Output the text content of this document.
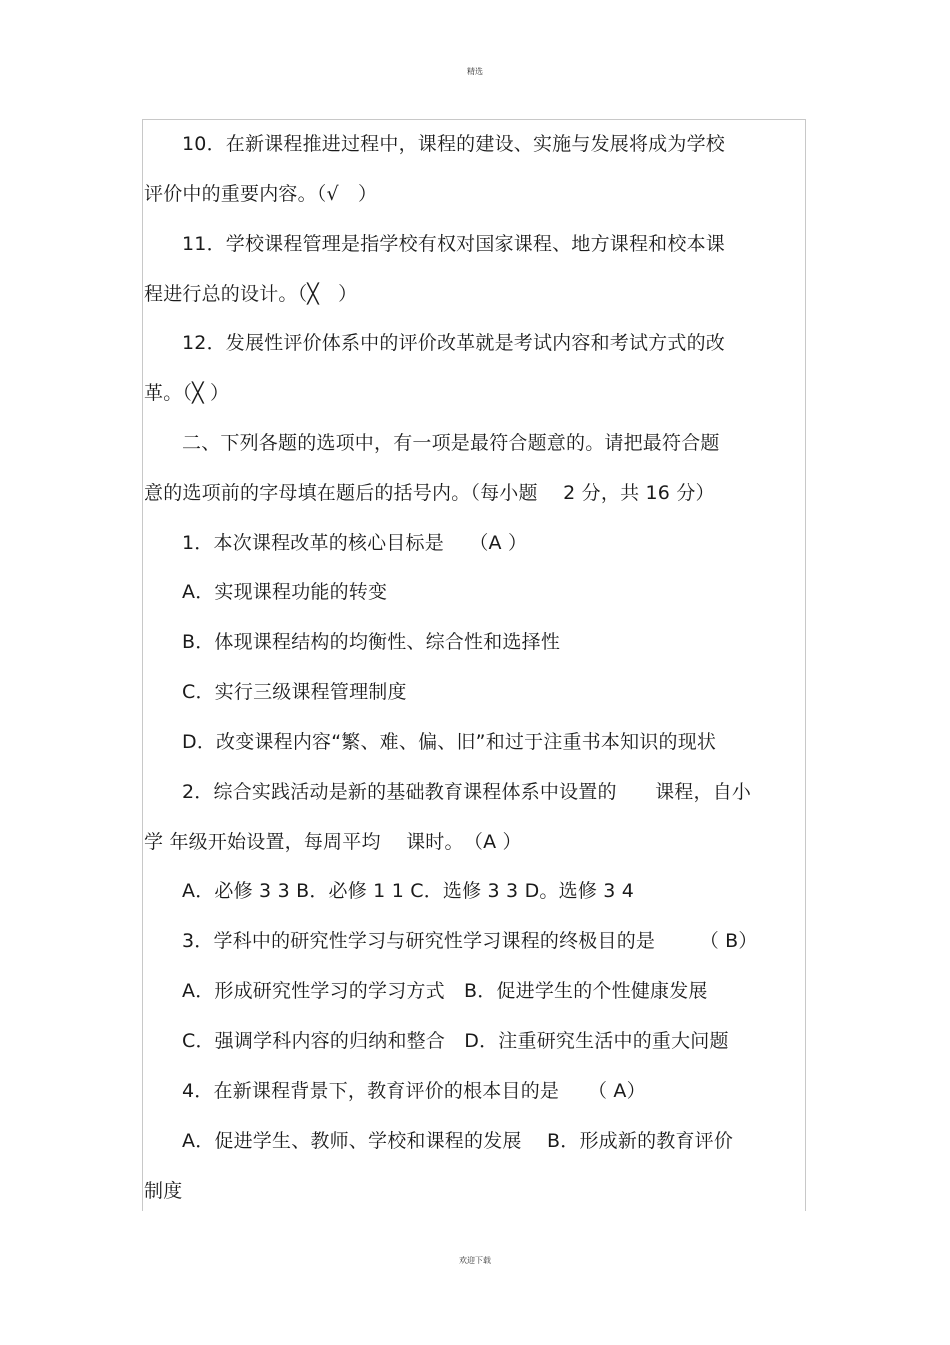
精选
10．在新课程推进过程中，课程的建设、实施与发展将成为学校
评价中的重要内容。（√　）
11．学校课程管理是指学校有权对国家课程、地方课程和校本课
程进行总的设计。（╳　）
12．发展性评价体系中的评价改革就是考试内容和考试方式的改
革。（╳ ）
二、下列各题的选项中，有一项是最符合题意的。请把最符合题
意的选项前的字母填在题后的括号内。（每小题　 2 分，共 16 分）
1．本次课程改革的核心目标是　 （A ）
A．实现课程功能的转变
B．体现课程结构的均衡性、综合性和选择性
C．实行三级课程管理制度
D．改变课程内容“繁、难、偏、旧”和过于注重书本知识的现状
2．综合实践活动是新的基础教育课程体系中设置的　　课程，自小
学 年级开始设置，每周平均　 课时。　（A ）
A．必修 3 3 B．必修 1 1 C．选修 3 3 D。选修 3 4
3．学科中的研究性学习与研究性学习课程的终极目的是　　 （ B）
A．形成研究性学习的学习方式　B．促进学生的个性健康发展
C．强调学科内容的归纳和整合　D．注重研究生活中的重大问题
4．在新课程背景下，教育评价的根本目的是　　（ A）
A．促进学生、教师、学校和课程的发展　 B．形成新的教育评价
制度
欢迎下载
